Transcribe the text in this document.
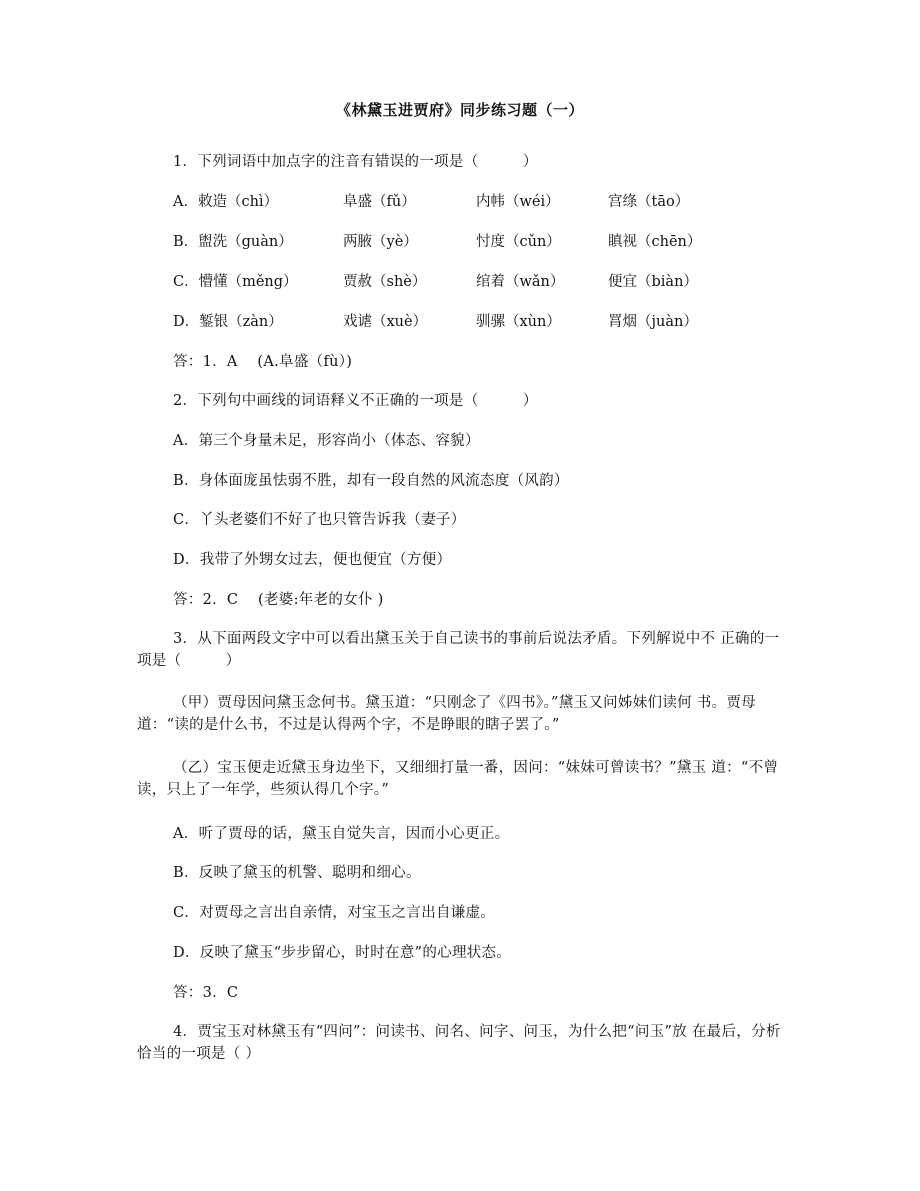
《林黛玉进贾府》同步练习题（一）
1．下列词语中加点字的注音有错误的一项是（　　　）
A．敕造（chì）	阜盛（fǔ）	内帏（wéi）	宫绦（tāo）
B．盥洗（guàn）	两腋（yè）	忖度（cǔn）	瞋视（chēn）
C．懵懂（měng）	贾赦（shè）	绾着（wǎn）	便宜（biàn）
D．錾银（zàn）	戏谑（xuè）	驯骡（xùn）	罥烟（juàn）
答：1．A　 (A.阜盛（fù）)
2．下列句中画线的词语释义不正确的一项是（　　　）
A．第三个身量未足，形容尚小（体态、容貌）
B．身体面庞虽怯弱不胜，却有一段自然的风流态度（风韵）
C．丫头老婆们不好了也只管告诉我（妻子）
D．我带了外甥女过去，便也便宜（方便）
答：2．C　 (老婆:年老的女仆 )
3．从下面两段文字中可以看出黛玉关于自己读书的事前后说法矛盾。下列解说中不 正确的一项是（　　　）
（甲）贾母因问黛玉念何书。黛玉道：“只刚念了《四书》。”黛玉又问姊妹们读何 书。贾母道：“读的是什么书，不过是认得两个字，不是睁眼的瞎子罢了。”
（乙）宝玉便走近黛玉身边坐下，又细细打量一番，因问：“妹妹可曾读书？”黛玉 道：“不曾读，只上了一年学，些须认得几个字。”
A．听了贾母的话，黛玉自觉失言，因而小心更正。
B．反映了黛玉的机警、聪明和细心。
C．对贾母之言出自亲情，对宝玉之言出自谦虚。
D．反映了黛玉“步步留心，时时在意”的心理状态。
答：3．C
4．贾宝玉对林黛玉有“四问”：问读书、问名、问字、问玉，为什么把“问玉”放 在最后，分析恰当的一项是（ ）
